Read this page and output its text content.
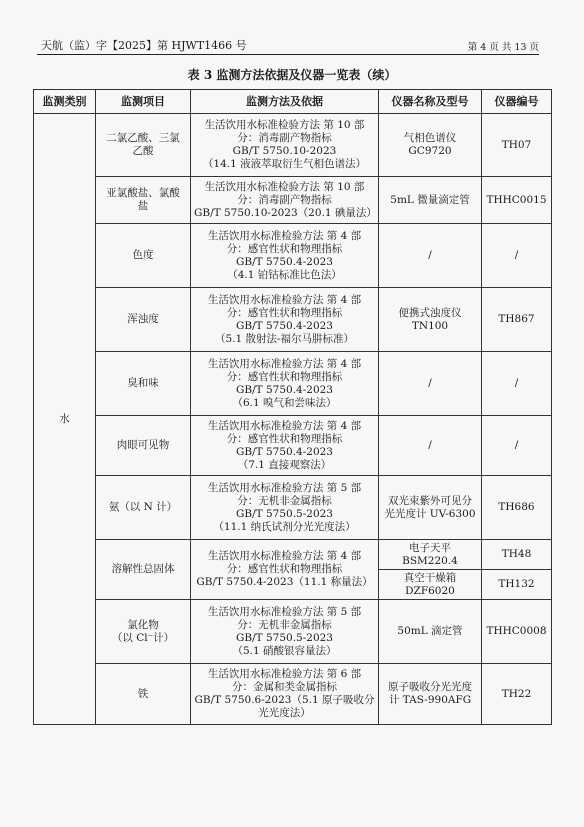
天航（监）字【2025】第 HJWT1466 号	第 4 页 共 13 页
表 3 监测方法依据及仪器一览表（续）
监测类别	监测项目	监测方法及依据	仪器名称及型号	仪器编号
水	二氯乙酸、三氯
乙酸	生活饮用水标准检验方法 第 10 部
分：消毒副产物指标
GB/T 5750.10-2023
（14.1 液液萃取衍生气相色谱法）	气相色谱仪
GC9720	TH07

	亚氯酸盐、氯酸
盐	生活饮用水标准检验方法 第 10 部
分：消毒副产物指标
GB/T 5750.10-2023（20.1 碘量法）	5mL 微量滴定管	THHC0015

	色度	生活饮用水标准检验方法 第 4 部
分：感官性状和物理指标
GB/T 5750.4-2023
（4.1 铂钴标准比色法）	/	/

	浑浊度	生活饮用水标准检验方法 第 4 部
分：感官性状和物理指标
GB/T 5750.4-2023
（5.1 散射法-福尔马肼标准）	便携式浊度仪
TN100	TH867

	臭和味	生活饮用水标准检验方法 第 4 部
分：感官性状和物理指标
GB/T 5750.4-2023
（6.1 嗅气和尝味法）	/	/

	肉眼可见物	生活饮用水标准检验方法 第 4 部
分：感官性状和物理指标
GB/T 5750.4-2023
（7.1 直接观察法）	/	/

	氨（以 N 计）	生活饮用水标准检验方法 第 5 部
分：无机非金属指标
GB/T 5750.5-2023
（11.1 纳氏试剂分光光度法）	双光束紫外可见分
光光度计 UV-6300	TH686

	溶解性总固体	生活饮用水标准检验方法 第 4 部
分：感官性状和物理指标
GB/T 5750.4-2023（11.1 称量法）	电子天平
BSM220.4	TH48

			真空干燥箱
DZF6020	TH132

	氯化物
（以 Cl⁻计）	生活饮用水标准检验方法 第 5 部
分：无机非金属指标
GB/T 5750.5-2023
（5.1 硝酸银容量法）	50mL 滴定管	THHC0008

	铁	生活饮用水标准检验方法 第 6 部
分：金属和类金属指标
GB/T 5750.6-2023（5.1 原子吸收分
光光度法）	原子吸收分光光度
计 TAS-990AFG	TH22
